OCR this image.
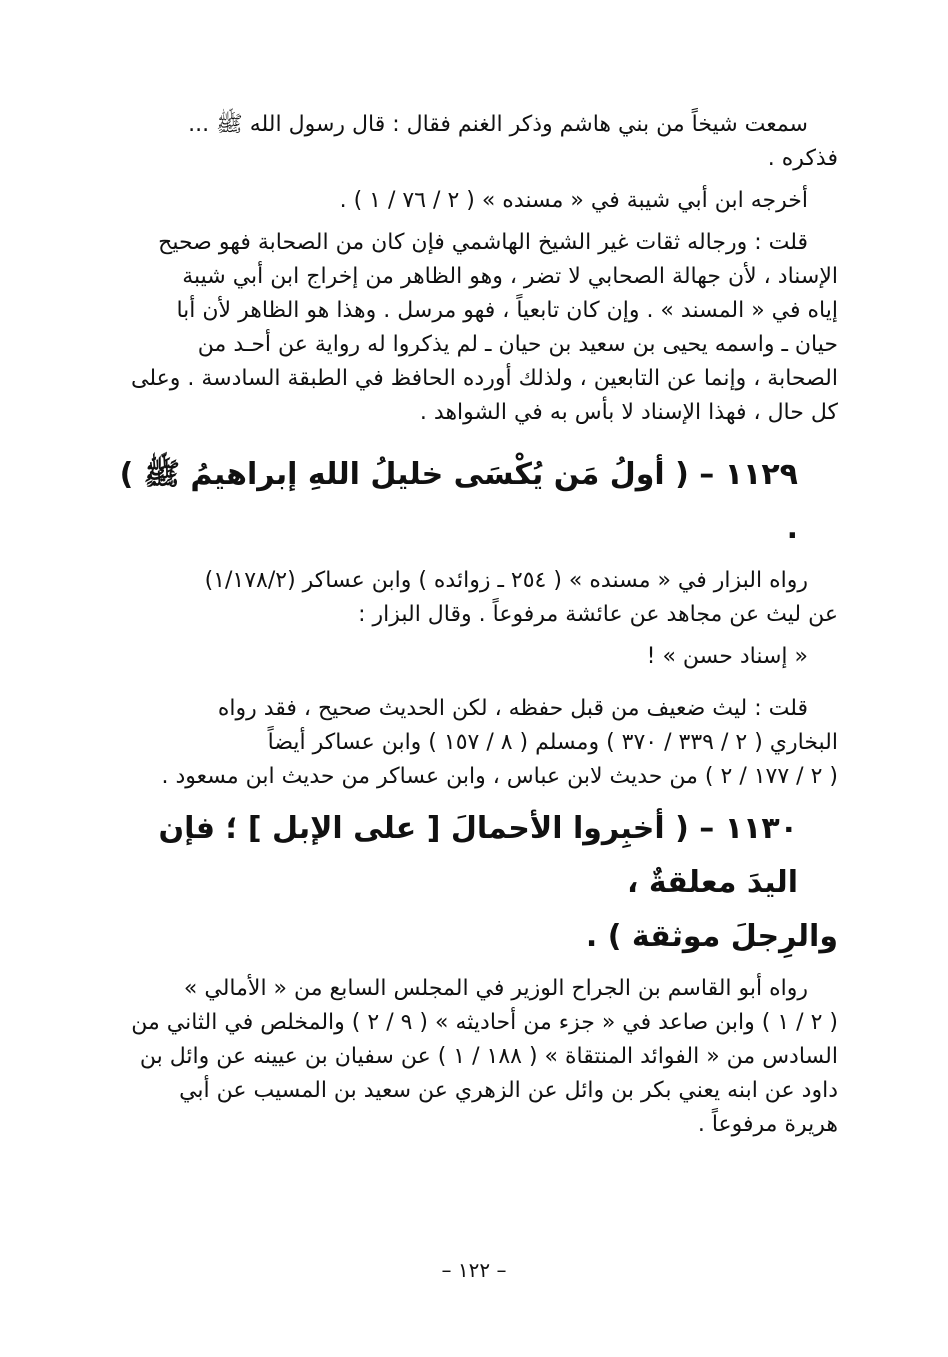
سمعت شيخاً من بني هاشم وذكر الغنم فقال : قال رسول الله ﷺ ...
فذكره .
أخرجه ابن أبي شيبة في « مسنده » ( ٢ / ٧٦ / ١ ) .
قلت : ورجاله ثقات غير الشيخ الهاشمي فإن كان من الصحابة فهو صحيح
الإسناد ، لأن جهالة الصحابي لا تضر ، وهو الظاهر من إخراج ابن أبي شيبة
إياه في « المسند » . وإن كان تابعياً ، فهو مرسل . وهذا هو الظاهر لأن أبا
حيان ـ واسمه يحيى بن سعيد بن حيان ـ لم يذكروا له رواية عن أحـد من
الصحابة ، وإنما عن التابعين ، ولذلك أورده الحافظ في الطبقة السادسة . وعلى
كل حال ، فهذا الإسناد لا بأس به في الشواهد .
١١٢٩ – ( أولُ مَن يُكْسَى خليلُ اللهِ إبراهيمُ ﷺ ) .
رواه البزار في « مسنده » ( ٢٥٤ ـ زوائده ) وابن عساكر (١/١٧٨/٢)
عن ليث عن مجاهد عن عائشة مرفوعاً . وقال البزار :
« إسناد حسن » !
قلت : ليث ضعيف من قبل حفظه ، لكن الحديث صحيح ، فقد رواه
البخاري ( ٢ / ٣٣٩ / ٣٧٠ ) ومسلم ( ٨ / ١٥٧ ) وابن عساكر أيضاً
( ٢ / ١٧٧ / ٢ ) من حديث لابن عباس ، وابن عساكر من حديث ابن مسعود .
١١٣٠ – ( أخبِروا الأحمالَ [ على الإبل ] ؛ فإن اليدَ معلقةٌ ،
والرِجلَ موثقة ) .
رواه أبو القاسم بن الجراح الوزير في المجلس السابع من « الأمالي »
( ٢ / ١ ) وابن صاعد في « جزء من أحاديثه » ( ٩ / ٢ ) والمخلص في الثاني من
السادس من « الفوائد المنتقاة » ( ١٨٨ / ١ ) عن سفيان بن عيينه عن وائل بن
داود عن ابنه يعني بكر بن وائل عن الزهري عن سعيد بن المسيب عن أبي
هريرة مرفوعاً .
– ١٢٢ –
